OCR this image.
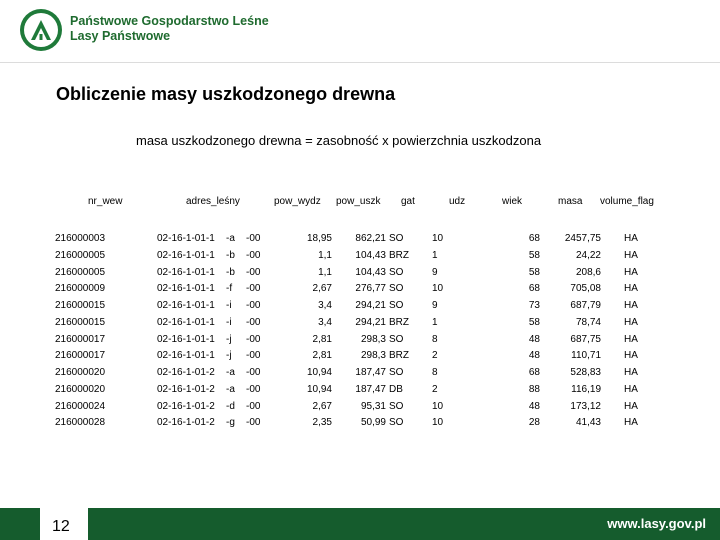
Państwowe Gospodarstwo Leśne
Lasy Państwowe
Obliczenie masy uszkodzonego drewna
masa uszkodzonego drewna = zasobność x powierzchnia uszkodzona
nr_wew	adres_leśny	pow_wydz pow_uszk gat	udz	wiek	masa volume_flag
216000003	02-16-1-01-1 -a -00	18,95	862,21 SO	10	68	2457,75 HA
216000005	02-16-1-01-1 -b -00	1,1	104,43 BRZ 1	58	24,22 HA
216000005	02-16-1-01-1 -b -00	1,1	104,43 SO	9	58	208,6 HA
216000009	02-16-1-01-1 -f -00	2,67	276,77 SO	10	68	705,08 HA
216000015	02-16-1-01-1 -i -00	3,4	294,21 SO	9	73	687,79 HA
216000015	02-16-1-01-1 -i -00	3,4	294,21 BRZ 1	58	78,74 HA
216000017	02-16-1-01-1 -j -00	2,81	298,3 SO	8	48	687,75 HA
216000017	02-16-1-01-1 -j -00	2,81	298,3 BRZ 2	48	110,71 HA
216000020	02-16-1-01-2 -a -00	10,94	187,47 SO	8	68	528,83 HA
216000020	02-16-1-01-2 -a -00	10,94	187,47 DB	2	88	116,19 HA
216000024	02-16-1-01-2 -d -00	2,67	95,31 SO	10	48	173,12 HA
216000028	02-16-1-01-2 -g -00	2,35	50,99 SO	10	28	41,43 HA
12	www.lasy.gov.pl
